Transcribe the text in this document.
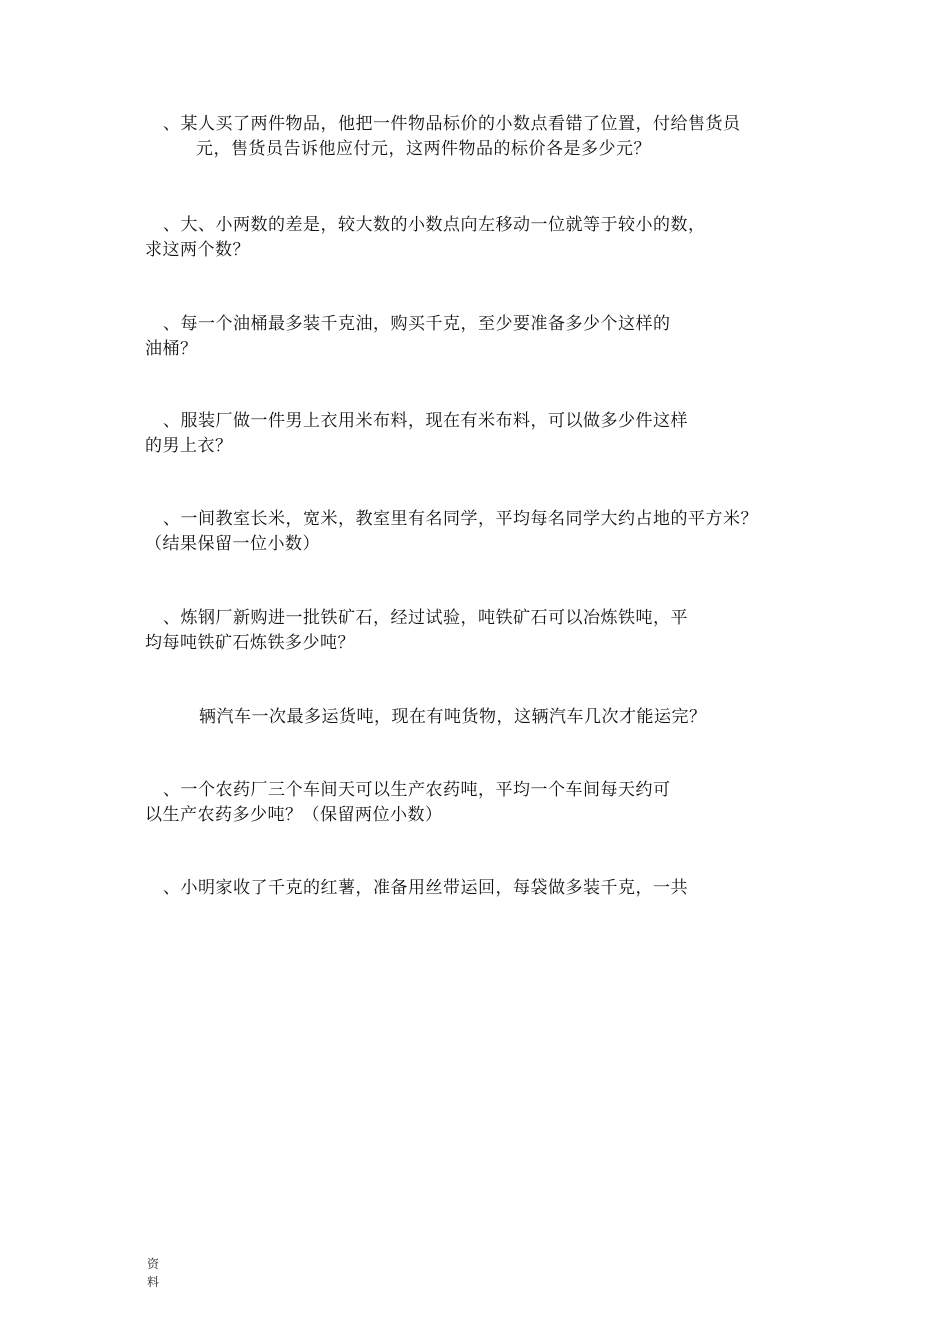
、某人买了两件物品，他把一件物品标价的小数点看错了位置，付给售货员
元，售货员告诉他应付元，这两件物品的标价各是多少元？
、大、小两数的差是，较大数的小数点向左移动一位就等于较小的数，
求这两个数？
、每一个油桶最多装千克油，购买千克，至少要准备多少个这样的
油桶？
、服装厂做一件男上衣用米布料，现在有米布料，可以做多少件这样
的男上衣？
、一间教室长米，宽米，教室里有名同学，平均每名同学大约占地的平方米？
（结果保留一位小数）
、炼钢厂新购进一批铁矿石，经过试验，吨铁矿石可以冶炼铁吨，平
均每吨铁矿石炼铁多少吨？
辆汽车一次最多运货吨，现在有吨货物，这辆汽车几次才能运完？
、一个农药厂三个车间天可以生产农药吨，平均一个车间每天约可
以生产农药多少吨？（保留两位小数）
、小明家收了千克的红薯，准备用丝带运回，每袋做多装千克，一共
资
料
